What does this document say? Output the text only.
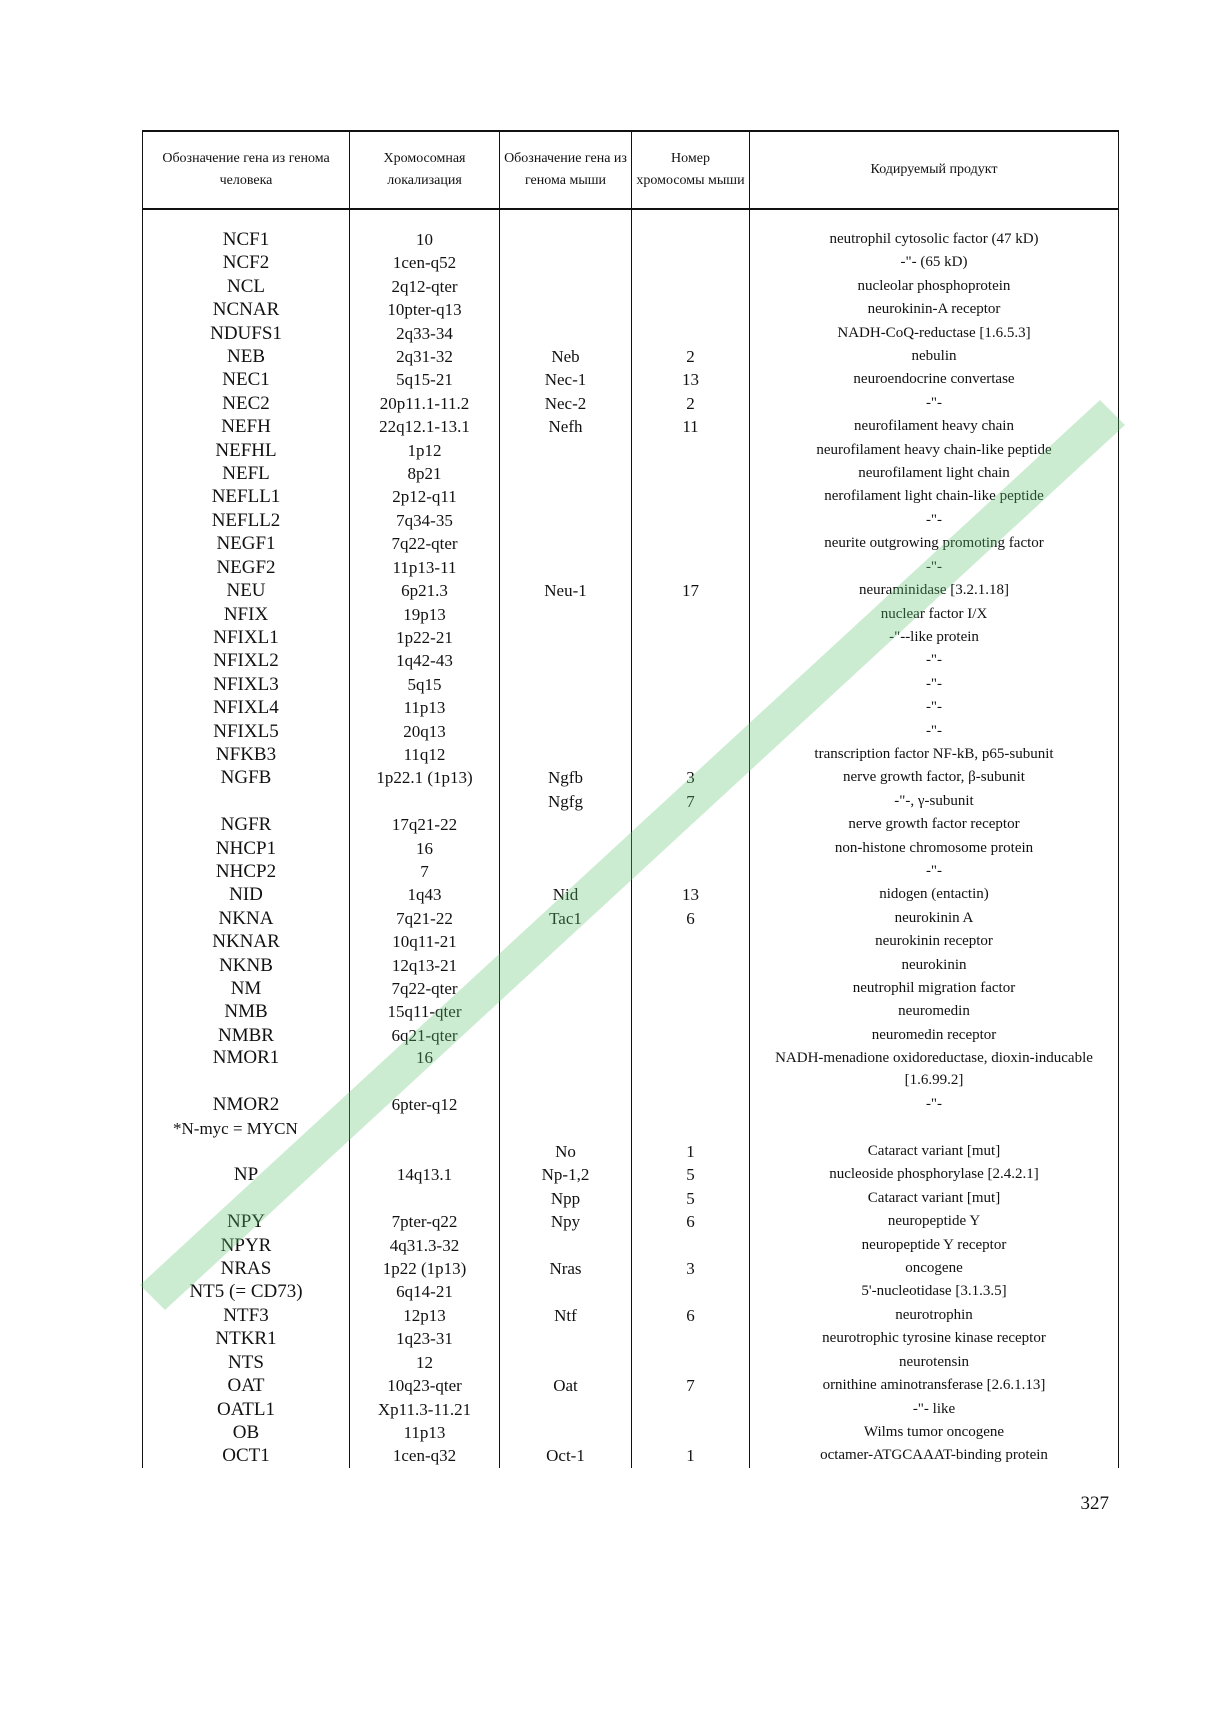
Обозначение гена из генома человека	Хромосомная локализация	Обозначение гена из генома мыши	Номер хромосомы мыши	Кодируемый продукт

NCF1	10			neutrophil cytosolic factor (47 kD)
NCF2	1cen-q52			-"- (65 kD)
NCL	2q12-qter			nucleolar phosphoprotein
NCNAR	10pter-q13			neurokinin-A receptor
NDUFS1	2q33-34			NADH-CoQ-reductase [1.6.5.3]
NEB	2q31-32	Neb	2	nebulin
NEC1	5q15-21	Nec-1	13	neuroendocrine convertase
NEC2	20p11.1-11.2	Nec-2	2	-"-
NEFH	22q12.1-13.1	Nefh	11	neurofilament heavy chain
NEFHL	1p12			neurofilament heavy chain-like peptide
NEFL	8p21			neurofilament light chain
NEFLL1	2p12-q11			nerofilament light chain-like peptide
NEFLL2	7q34-35			-"-
NEGF1	7q22-qter			neurite outgrowing promoting factor
NEGF2	11p13-11			-"-
NEU	6p21.3	Neu-1	17	neuraminidase [3.2.1.18]
NFIX	19p13			nuclear factor I/X
NFIXL1	1p22-21			-"--like protein
NFIXL2	1q42-43			-"-
NFIXL3	5q15			-"-
NFIXL4	11p13			-"-
NFIXL5	20q13			-"-
NFKB3	11q12			transcription factor NF-kB, p65-subunit
NGFB	1p22.1 (1p13)	Ngfb	3	nerve growth factor, β-subunit
		Ngfg	7	-"-, γ-subunit
NGFR	17q21-22			nerve growth factor receptor
NHCP1	16			non-histone chromosome protein
NHCP2	7			-"-
NID	1q43	Nid	13	nidogen (entactin)
NKNA	7q21-22	Tac1	6	neurokinin A
NKNAR	10q11-21			neurokinin receptor
NKNB	12q13-21			neurokinin
NM	7q22-qter			neutrophil migration factor
NMB	15q11-qter			neuromedin
NMBR	6q21-qter			neuromedin receptor
NMOR1	16			NADH-menadione oxidoreductase, dioxin-inducable [1.6.99.2]
NMOR2	6pter-q12			-"-
*N-myc = MYCN				
		No	1	Cataract variant [mut]
NP	14q13.1	Np-1,2	5	nucleoside phosphorylase [2.4.2.1]
		Npp	5	Cataract variant [mut]
NPY	7pter-q22	Npy	6	neuropeptide Y
NPYR	4q31.3-32			neuropeptide Y receptor
NRAS	1p22 (1p13)	Nras	3	oncogene
NT5 (= CD73)	6q14-21			5'-nucleotidase [3.1.3.5]
NTF3	12p13	Ntf	6	neurotrophin
NTKR1	1q23-31			neurotrophic tyrosine kinase receptor
NTS	12			neurotensin
OAT	10q23-qter	Oat	7	ornithine aminotransferase [2.6.1.13]
OATL1	Xp11.3-11.21			-"- like
OB	11p13			Wilms tumor oncogene
OCT1	1cen-q32	Oct-1	1	octamer-ATGCAAAT-binding protein
327
